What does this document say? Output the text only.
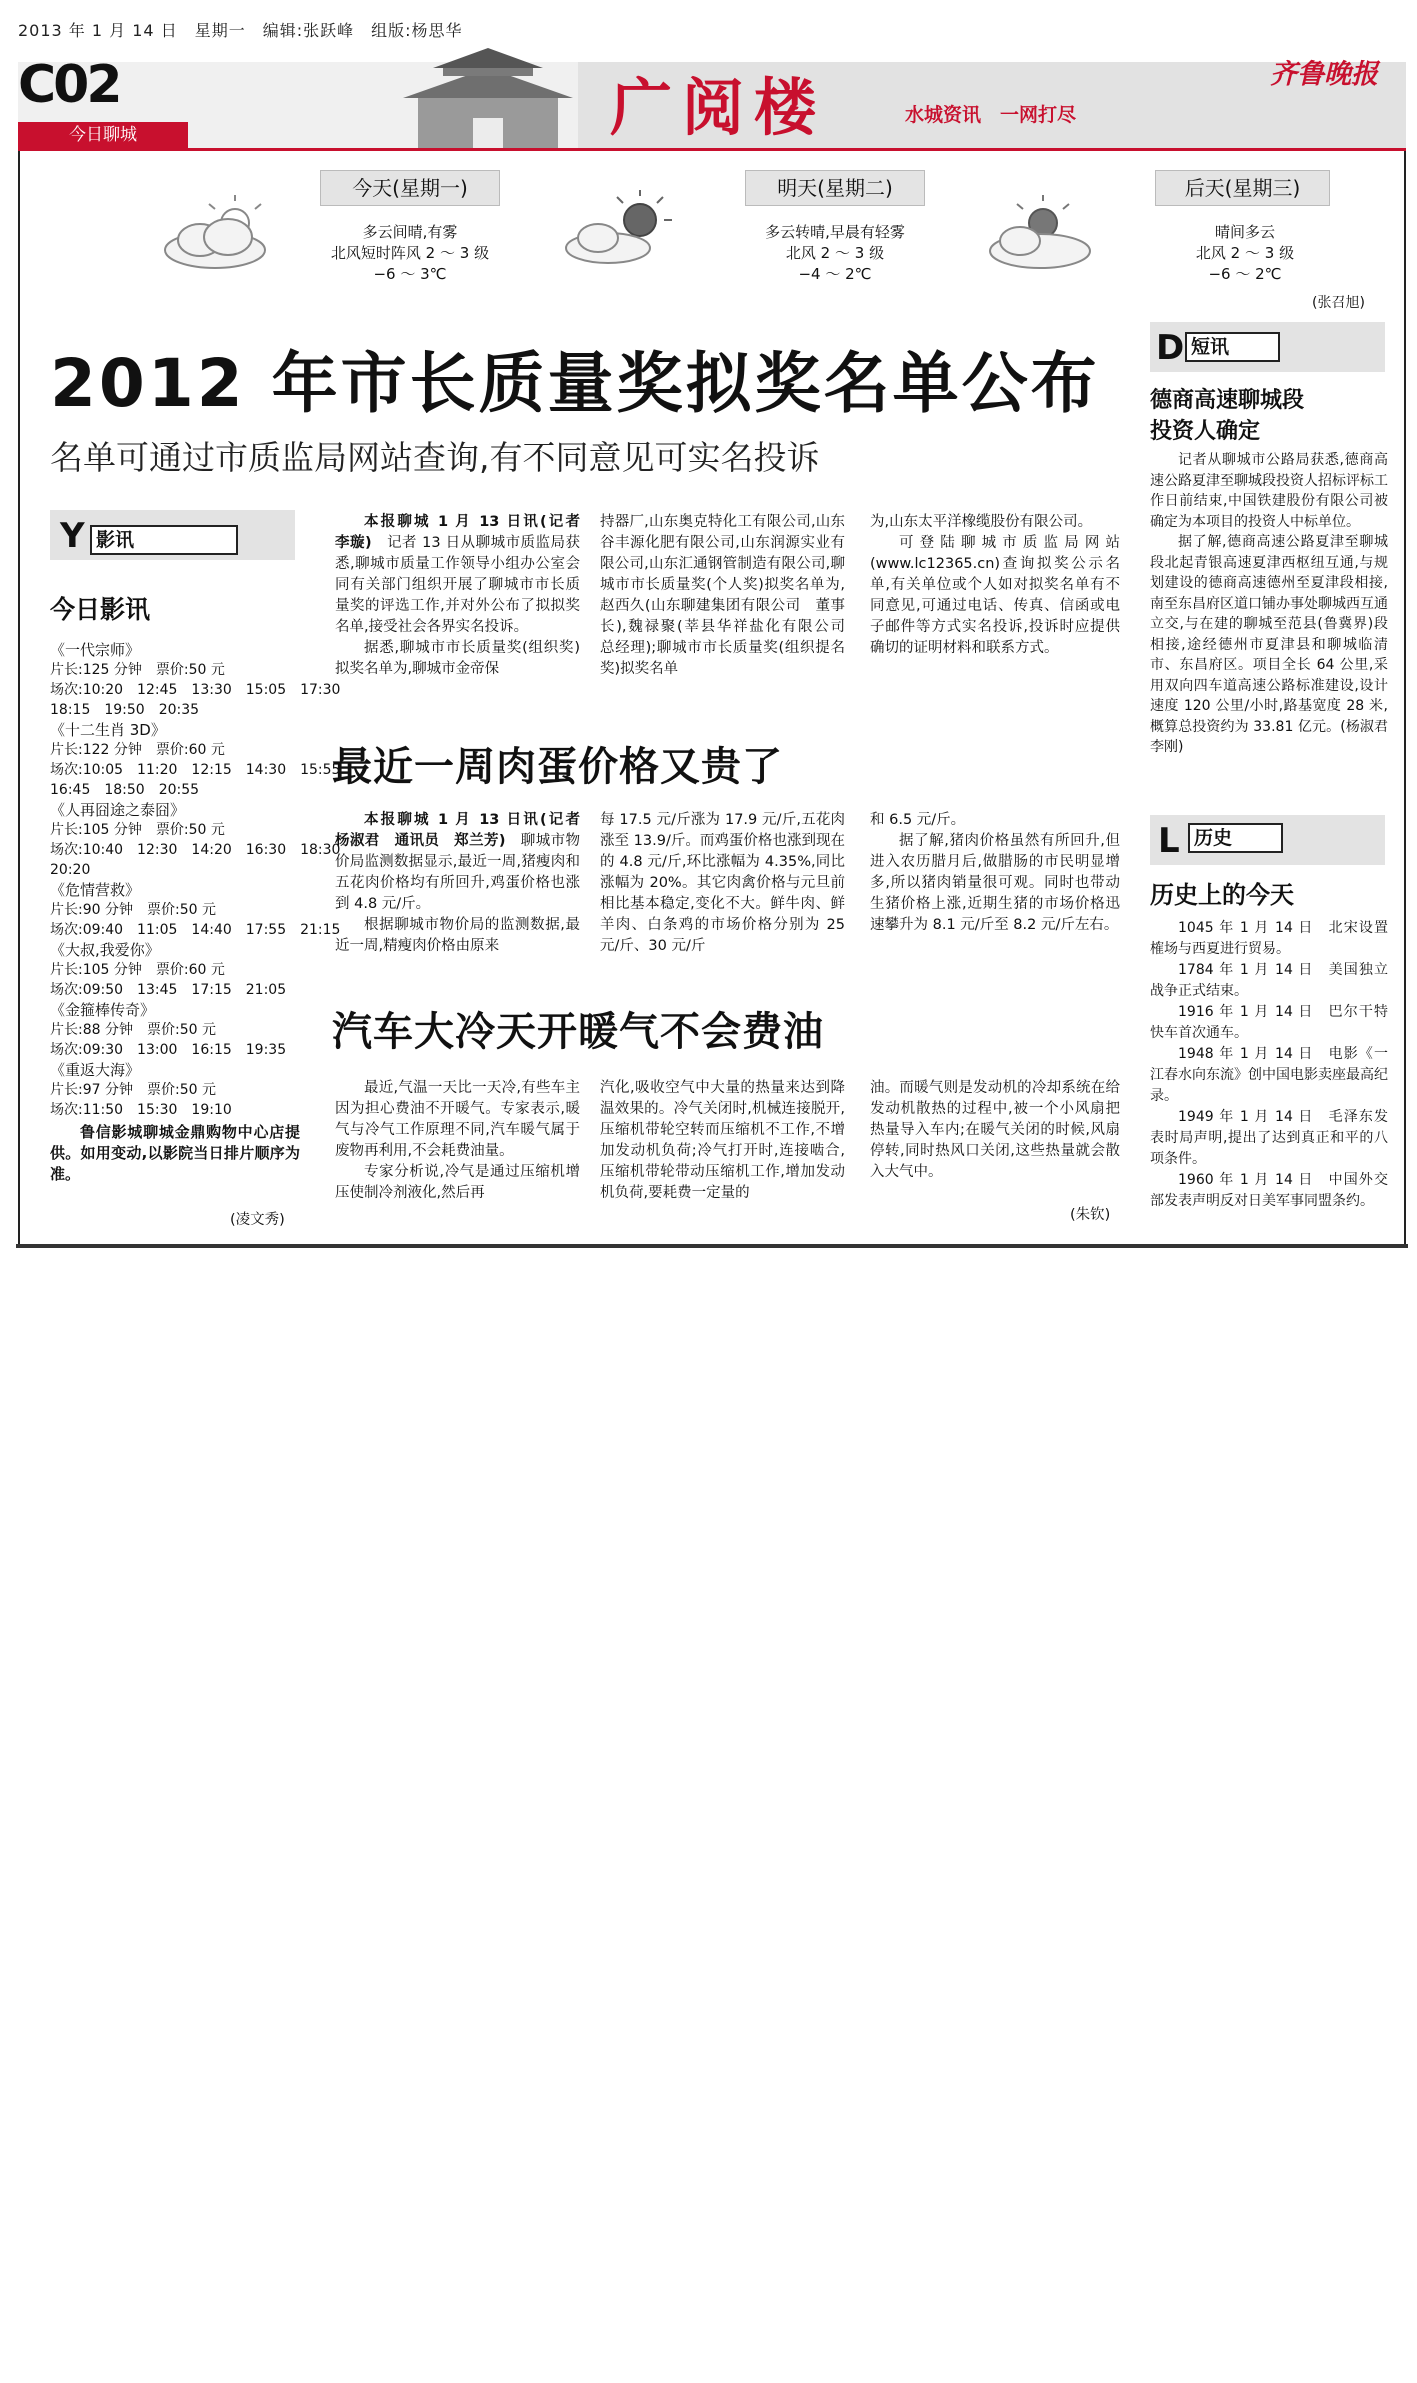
2013 年 1 月 14 日　星期一　编辑:张跃峰　组版:杨思华
C02
今日聊城	广阅楼	水城资讯　一网打尽
齐鲁晚报
今天(星期一)
多云间晴,有雾
北风短时阵风 2 ～ 3 级
−6 ～ 3℃
明天(星期二)
多云转晴,早晨有轻雾
北风 2 ～ 3 级
−4 ～ 2℃
后天(星期三)
晴间多云
北风 2 ～ 3 级
−6 ～ 2℃
(张召旭)
2012 年市长质量奖拟奖名单公布
名单可通过市质监局网站查询,有不同意见可实名投诉
Y 影讯
今日影讯
《一代宗师》
片长:125 分钟　票价:50 元
场次:10:20　12:45　13:30　15:05　17:30
18:15　19:50　20:35
《十二生肖 3D》
片长:122 分钟　票价:60 元
场次:10:05　11:20　12:15　14:30　15:55
16:45　18:50　20:55
《人再囧途之泰囧》
片长:105 分钟　票价:50 元
场次:10:40　12:30　14:20　16:30　18:30
20:20
《危情营救》
片长:90 分钟　票价:50 元
场次:09:40　11:05　14:40　17:55　21:15
《大叔,我爱你》
片长:105 分钟　票价:60 元
场次:09:50　13:45　17:15　21:05
《金箍棒传奇》
片长:88 分钟　票价:50 元
场次:09:30　13:00　16:15　19:35
《重返大海》
片长:97 分钟　票价:50 元
场次:11:50　15:30　19:10
鲁信影城聊城金鼎购物中心店提供。如用变动,以影院当日排片顺序为准。
(凌文秀)

本报聊城 1 月 13 日讯(记者　李璇)　 记者 13 日从聊城市质监局获悉,聊城市质量工作领导小组办公室会同有关部门组织开展了聊城市市长质量奖的评选工作,并对外公布了拟拟奖名单,接受社会各界实名投诉。

据悉,聊城市市长质量奖(组织奖)拟奖名单为,聊城市金帝保

持器厂,山东奥克特化工有限公司,山东谷丰源化肥有限公司,山东润源实业有限公司,山东汇通钢管制造有限公司,聊城市市长质量奖(个人奖)拟奖名单为,赵西久(山东聊建集团有限公司　董事长),魏禄聚(莘县华祥盐化有限公司　总经理);聊城市市长质量奖(组织提名奖)拟奖名单

为,山东太平洋橡缆股份有限公司。

可登陆聊城市质监局网站(www.lc12365.cn)查询拟奖公示名单,有关单位或个人如对拟奖名单有不同意见,可通过电话、传真、信函或电子邮件等方式实名投诉,投诉时应提供确切的证明材料和联系方式。

最近一周肉蛋价格又贵了

本报聊城 1 月 13 日讯(记者　杨淑君　通讯员　郑兰芳)　 聊城市物价局监测数据显示,最近一周,猪瘦肉和五花肉价格均有所回升,鸡蛋价格也涨到 4.8 元/斤。

根据聊城市物价局的监测数据,最近一周,精瘦肉价格由原来

每 17.5 元/斤涨为 17.9 元/斤,五花肉涨至 13.9/斤。而鸡蛋价格也涨到现在的 4.8 元/斤,环比涨幅为 4.35%,同比涨幅为 20%。其它肉禽价格与元旦前相比基本稳定,变化不大。鲜牛肉、鲜羊肉、白条鸡的市场价格分别为 25 元/斤、30 元/斤

和 6.5 元/斤。

据了解,猪肉价格虽然有所回升,但进入农历腊月后,做腊肠的市民明显增多,所以猪肉销量很可观。同时也带动生猪价格上涨,近期生猪的市场价格迅速攀升为 8.1 元/斤至 8.2 元/斤左右。

汽车大冷天开暖气不会费油

最近,气温一天比一天冷,有些车主因为担心费油不开暖气。专家表示,暖气与冷气工作原理不同,汽车暖气属于废物再利用,不会耗费油量。

专家分析说,冷气是通过压缩机增压使制冷剂液化,然后再

汽化,吸收空气中大量的热量来达到降温效果的。冷气关闭时,机械连接脱开,压缩机带轮空转而压缩机不工作,不增加发动机负荷;冷气打开时,连接啮合,压缩机带轮带动压缩机工作,增加发动机负荷,要耗费一定量的

油。而暖气则是发动机的冷却系统在给发动机散热的过程中,被一个小风扇把热量导入车内;在暖气关闭的时候,风扇停转,同时热风口关闭,这些热量就会散入大气中。

(朱钦)
D 短讯
德商高速聊城段
投资人确定
记者从聊城市公路局获悉,德商高速公路夏津至聊城段投资人招标评标工作日前结束,中国铁建股份有限公司被确定为本项目的投资人中标单位。
据了解,德商高速公路夏津至聊城段北起青银高速夏津西枢纽互通,与规划建设的德商高速德州至夏津段相接,南至东昌府区道口铺办事处聊城西互通立交,与在建的聊城至范县(鲁冀界)段相接,途经德州市夏津县和聊城临清市、东昌府区。项目全长 64 公里,采用双向四车道高速公路标准建设,设计速度 120 公里/小时,路基宽度 28 米,概算总投资约为 33.81 亿元。(杨淑君　李刚)
L 历史
历史上的今天
1045 年 1 月 14 日　北宋设置榷场与西夏进行贸易。
1784 年 1 月 14 日　美国独立战争正式结束。
1916 年 1 月 14 日　巴尔干特快车首次通车。
1948 年 1 月 14 日　电影《一江春水向东流》创中国电影卖座最高纪录。
1949 年 1 月 14 日　毛泽东发表时局声明,提出了达到真正和平的八项条件。
1960 年 1 月 14 日　中国外交部发表声明反对日美军事同盟条约。
